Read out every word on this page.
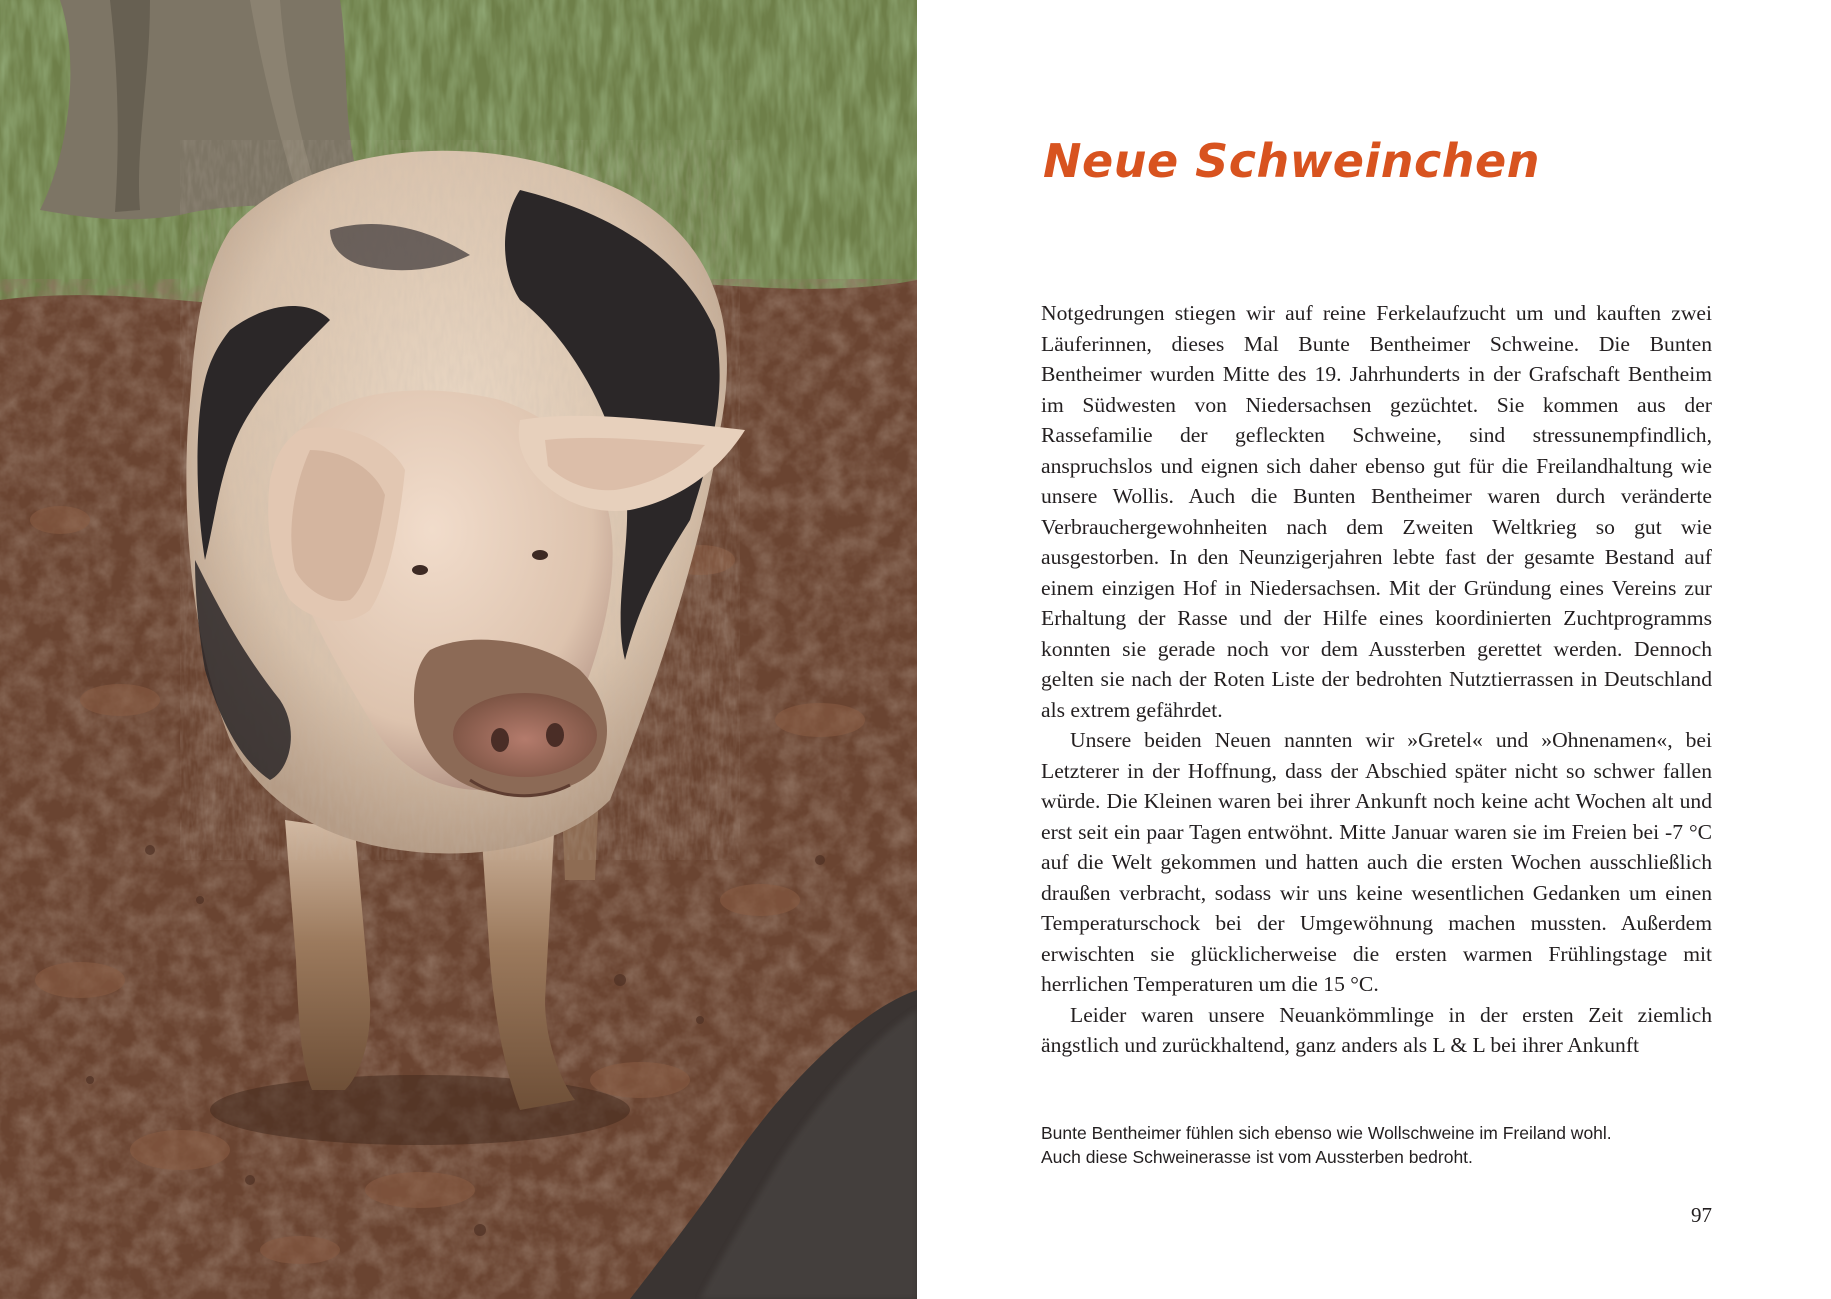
Neue Schweinchen

Notgedrungen stiegen wir auf reine Ferkelaufzucht um und kauften zwei Läuferinnen, dieses Mal Bunte Bentheimer Schweine. Die Bunten Bentheimer wurden Mitte des 19. Jahrhunderts in der Grafschaft Bentheim im Südwesten von Niedersachsen gezüchtet. Sie kommen aus der Rassefamilie der gefleckten Schweine, sind stressunempfindlich, anspruchslos und eignen sich daher ebenso gut für die Freilandhaltung wie unsere Wollis. Auch die Bunten Bentheimer waren durch veränderte Verbrauchergewohnheiten nach dem Zweiten Weltkrieg so gut wie ausgestorben. In den Neunzigerjahren lebte fast der gesamte Bestand auf einem einzigen Hof in Niedersachsen. Mit der Gründung eines Vereins zur Erhaltung der Rasse und der Hilfe eines koordinierten Zuchtprogramms konnten sie gerade noch vor dem Aussterben gerettet werden. Dennoch gelten sie nach der Roten Liste der bedrohten Nutztierrassen in Deutschland als extrem gefährdet.

Unsere beiden Neuen nannten wir »Gretel« und »Ohnenamen«, bei Letzterer in der Hoffnung, dass der Abschied später nicht so schwer fallen würde. Die Kleinen waren bei ihrer Ankunft noch keine acht Wochen alt und erst seit ein paar Tagen entwöhnt. Mitte Januar waren sie im Freien bei -7 °C auf die Welt gekommen und hatten auch die ersten Wochen ausschließlich draußen verbracht, sodass wir uns keine wesentlichen Gedanken um einen Temperaturschock bei der Umgewöhnung machen mussten. Außerdem erwischten sie glücklicherweise die ersten warmen Frühlingstage mit herrlichen Temperaturen um die 15 °C.

Leider waren unsere Neuankömmlinge in der ersten Zeit ziemlich ängstlich und zurückhaltend, ganz anders als L & L bei ihrer Ankunft

Bunte Bentheimer fühlen sich ebenso wie Wollschweine im Freiland wohl.
Auch diese Schweinerasse ist vom Aussterben bedroht.
97
